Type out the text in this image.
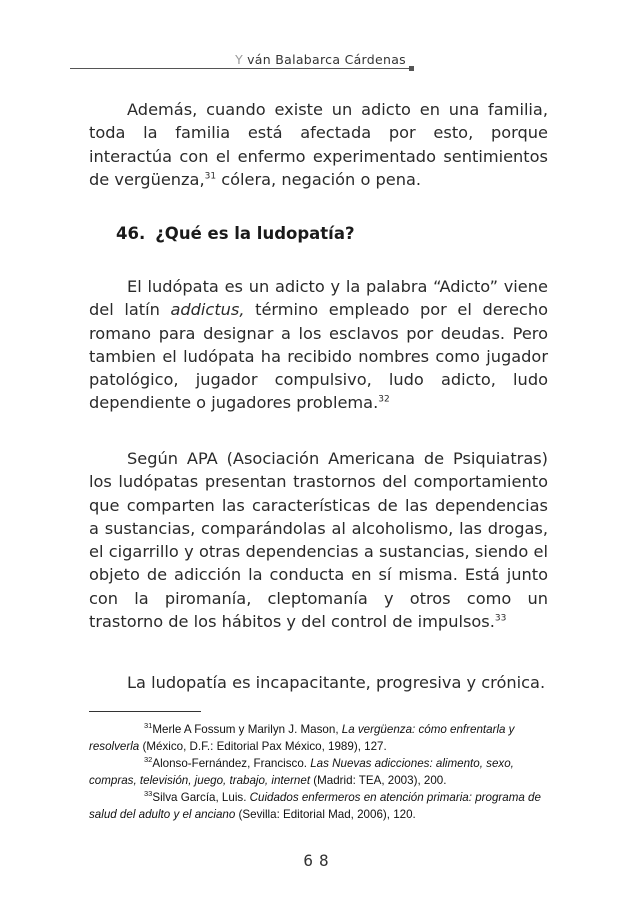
Y ván Balabarca Cárdenas

Además, cuando existe un adicto en una familia, toda la familia está afectada por esto, porque interactúa con el enfermo experimentado sentimientos de vergüenza,$^{31}$ cólera, negación o pena.

46. ¿Qué es la ludopatía?

El ludópata es un adicto y la palabra “Adicto” viene del latín addictus, término empleado por el derecho romano para designar a los esclavos por deudas. Pero tambien el ludópata ha recibido nombres como jugador patológico, jugador compulsivo, ludo adicto, ludo dependiente o jugadores problema.$^{32}$

Según APA (Asociación Americana de Psiquiatras) los ludópatas presentan trastornos del comportamiento que comparten las características de las dependencias a sustancias, comparándolas al alcoholismo, las drogas, el cigarrillo y otras dependencias a sustancias, siendo el objeto de adicción la conducta en sí misma. Está junto con la piromanía, cleptomanía y otros como un trastorno de los hábitos y del control de impulsos.$^{33}$

La ludopatía es incapacitante, progresiva y crónica.

$^{31}$Merle A Fossum y Marilyn J. Mason, La vergüenza: cómo enfrentarla y resolverla (México, D.F.: Editorial Pax México, 1989), 127.

$^{32}$Alonso-Fernández, Francisco. Las Nuevas adicciones: alimento, sexo, compras, televisión, juego, trabajo, internet (Madrid: TEA, 2003), 200.

$^{33}$Silva García, Luis. Cuidados enfermeros en atención primaria: programa de salud del adulto y el anciano (Sevilla: Editorial Mad, 2006), 120.

68
